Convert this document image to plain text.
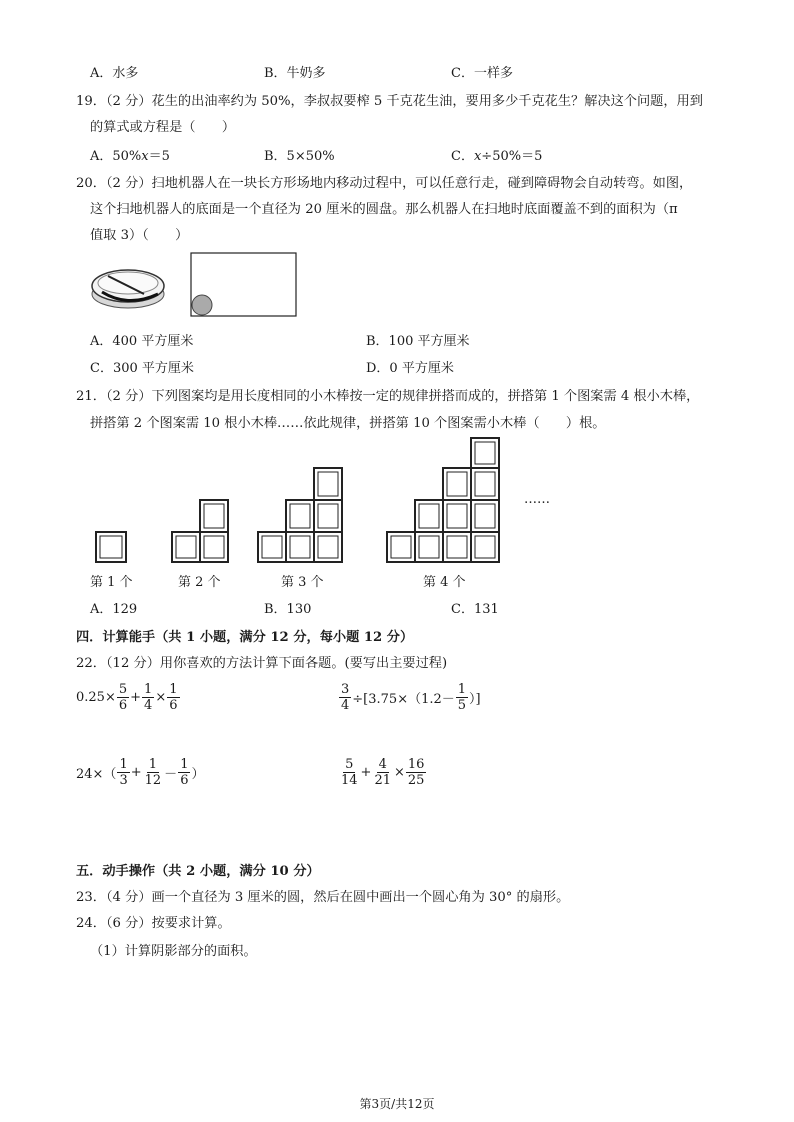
A．水多	B．牛奶多	C．一样多
19．（2 分）花生的出油率约为 50%，李叔叔要榨 5 千克花生油，要用多少千克花生？解决这个问题，用到
的算式或方程是（　　）
A．50%x＝5	B．5×50%	C．x÷50%＝5
20．（2 分）扫地机器人在一块长方形场地内移动过程中，可以任意行走，碰到障碍物会自动转弯。如图，
这个扫地机器人的底面是一个直径为 20 厘米的圆盘。那么机器人在扫地时底面覆盖不到的面积为（π
值取 3）（　　）
A．400 平方厘米	B．100 平方厘米
C．300 平方厘米	D．0 平方厘米
21．（2 分）下列图案均是用长度相同的小木棒按一定的规律拼搭而成的，拼搭第 1 个图案需 4 根小木棒，
拼搭第 2 个图案需 10 根小木棒……依此规律，拼搭第 10 个图案需小木棒（　　）根。
……
第 1 个	第 2 个	第 3 个	第 4 个
A．129	B．130	C．131
四．计算能手（共 1 小题，满分 12 分，每小题 12 分）
22．（12 分）用你喜欢的方法计算下面各题。(要写出主要过程)
$0.25\times \frac{5}{6} + \frac{1}{4} \times \frac{1}{6}$	$\frac{3}{4} \div[3.75\times(1.2- \frac{1}{5}$ ）]
$24\times( \frac{1}{3} + \frac{1}{12} - \frac{1}{6}$ ）	$\frac{5}{14} + \frac{4}{21} \times \frac{16}{25}$
五．动手操作（共 2 小题，满分 10 分）
23．（4 分）画一个直径为 3 厘米的圆，然后在圆中画出一个圆心角为 30° 的扇形。
24．（6 分）按要求计算。
（1）计算阴影部分的面积。
第3页/共12页
